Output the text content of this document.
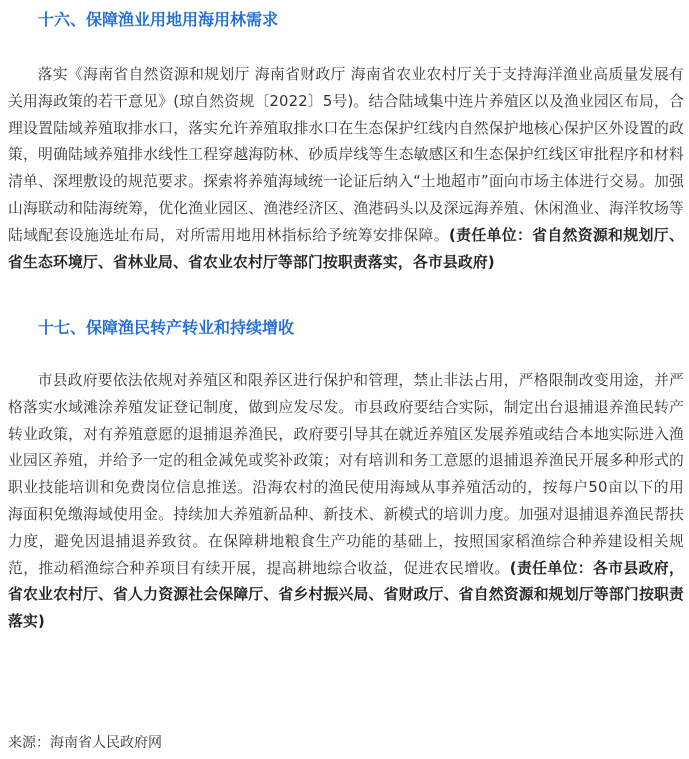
十六、保障渔业用地用海用林需求

落实《海南省自然资源和规划厅 海南省财政厅 海南省农业农村厅关于支持海洋渔业高质量发展有关用海政策的若干意见》(琼自然资规〔2022〕5号)。结合陆域集中连片养殖区以及渔业园区布局，合理设置陆域养殖取排水口，落实允许养殖取排水口在生态保护红线内自然保护地核心保护区外设置的政策，明确陆域养殖排水线性工程穿越海防林、砂质岸线等生态敏感区和生态保护红线区审批程序和材料清单、深埋敷设的规范要求。探索将养殖海域统一论证后纳入“土地超市”面向市场主体进行交易。加强山海联动和陆海统筹，优化渔业园区、渔港经济区、渔港码头以及深远海养殖、休闲渔业、海洋牧场等陆域配套设施选址布局，对所需用地用林指标给予统筹安排保障。(责任单位：省自然资源和规划厅、省生态环境厅、省林业局、省农业农村厅等部门按职责落实，各市县政府)

十七、保障渔民转产转业和持续增收

市县政府要依法依规对养殖区和限养区进行保护和管理，禁止非法占用，严格限制改变用途，并严格落实水域滩涂养殖发证登记制度，做到应发尽发。市县政府要结合实际，制定出台退捕退养渔民转产转业政策，对有养殖意愿的退捕退养渔民，政府要引导其在就近养殖区发展养殖或结合本地实际进入渔业园区养殖，并给予一定的租金减免或奖补政策；对有培训和务工意愿的退捕退养渔民开展多种形式的职业技能培训和免费岗位信息推送。沿海农村的渔民使用海域从事养殖活动的，按每户50亩以下的用海面积免缴海域使用金。持续加大养殖新品种、新技术、新模式的培训力度。加强对退捕退养渔民帮扶力度，避免因退捕退养致贫。在保障耕地粮食生产功能的基础上，按照国家稻渔综合种养建设相关规范，推动稻渔综合种养项目有续开展，提高耕地综合收益，促进农民增收。(责任单位：各市县政府，省农业农村厅、省人力资源社会保障厅、省乡村振兴局、省财政厅、省自然资源和规划厅等部门按职责落实)

来源：海南省人民政府网
